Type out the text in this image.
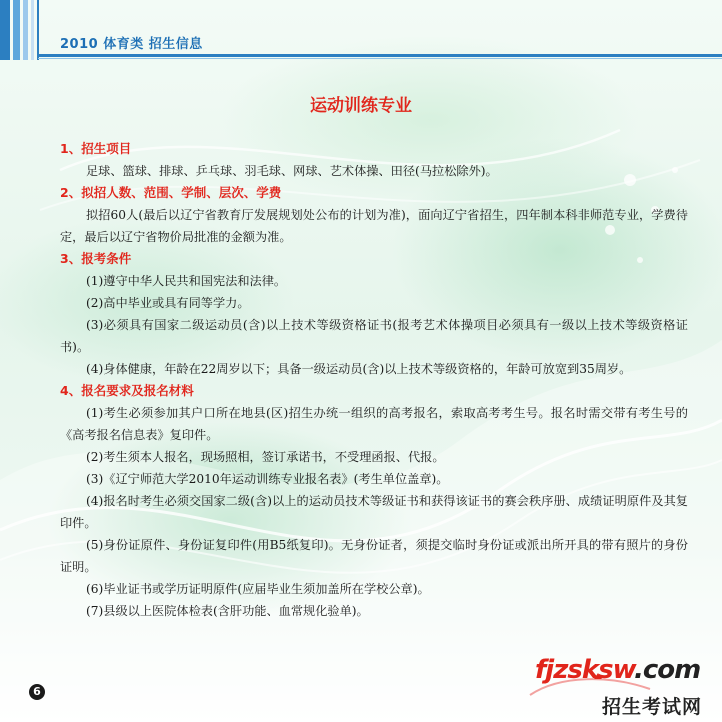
2010 体育类 招生信息

运动训练专业

1、招生项目

足球、篮球、排球、乒乓球、羽毛球、网球、艺术体操、田径(马拉松除外)。

2、拟招人数、范围、学制、层次、学费

拟招60人(最后以辽宁省教育厅发展规划处公布的计划为准)，面向辽宁省招生，四年制本科非师范专业，学费待定，最后以辽宁省物价局批准的金额为准。

3、报考条件

(1)遵守中华人民共和国宪法和法律。

(2)高中毕业或具有同等学力。

(3)必须具有国家二级运动员(含)以上技术等级资格证书(报考艺术体操项目必须具有一级以上技术等级资格证书)。

(4)身体健康，年龄在22周岁以下；具备一级运动员(含)以上技术等级资格的，年龄可放宽到35周岁。

4、报名要求及报名材料

(1)考生必须参加其户口所在地县(区)招生办统一组织的高考报名，索取高考考生号。报名时需交带有考生号的《高考报名信息表》复印件。

(2)考生须本人报名，现场照相，签订承诺书，不受理函报、代报。

(3)《辽宁师范大学2010年运动训练专业报名表》(考生单位盖章)。

(4)报名时考生必须交国家二级(含)以上的运动员技术等级证书和获得该证书的赛会秩序册、成绩证明原件及其复印件。

(5)身份证原件、身份证复印件(用B5纸复印)。无身份证者，须提交临时身份证或派出所开具的带有照片的身份证明。

(6)毕业证书或学历证明原件(应届毕业生须加盖所在学校公章)。

(7)县级以上医院体检表(含肝功能、血常规化验单)。

6
fjzsksw.com
招生考试网
